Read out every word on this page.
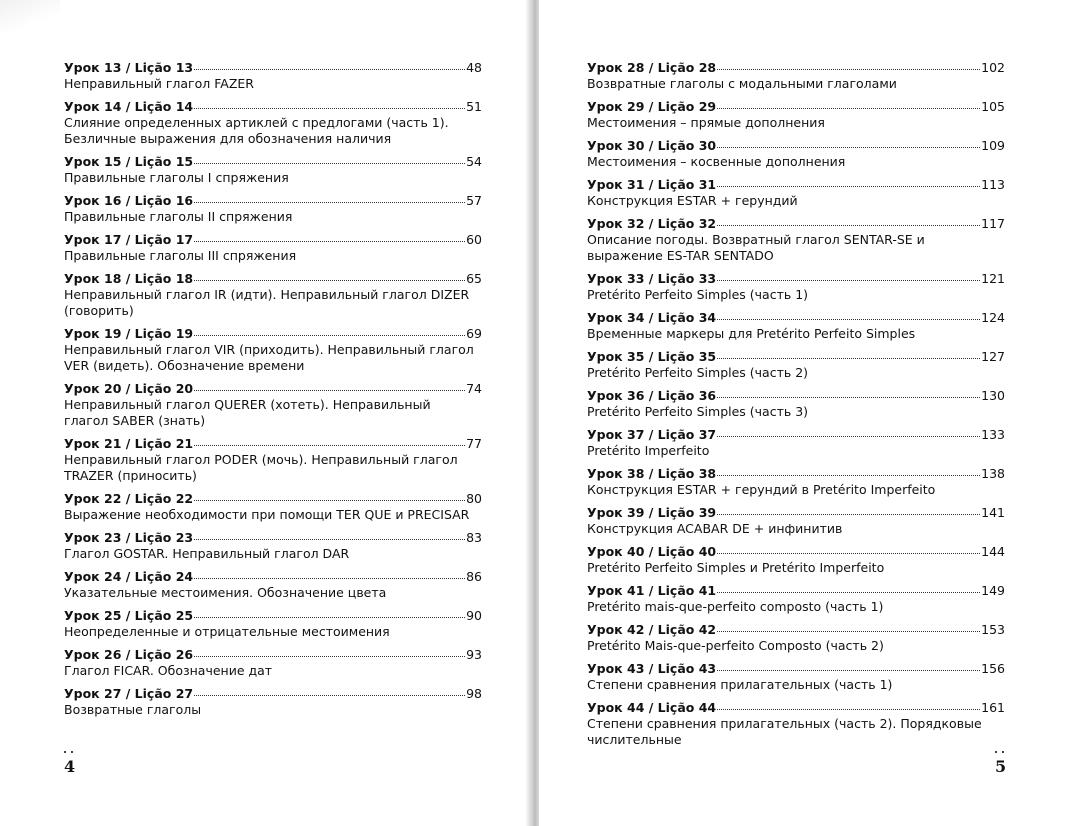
Урок 13 / Lição 13	48
Неправильный глагол FAZER
Урок 14 / Lição 14	51
Слияние определенных артиклей с предлогами (часть 1). Безличные выражения для обозначения наличия
Урок 15 / Lição 15	54
Правильные глаголы I спряжения
Урок 16 / Lição 16	57
Правильные глаголы II спряжения
Урок 17 / Lição 17	60
Правильные глаголы III спряжения
Урок 18 / Lição 18	65
Неправильный глагол IR (идти). Неправильный глагол DIZER (говорить)
Урок 19 / Lição 19	69
Неправильный глагол VIR (приходить). Неправильный глагол VER (видеть). Обозначение времени
Урок 20 / Lição 20	74
Неправильный глагол QUERER (хотеть). Неправильный глагол SABER (знать)
Урок 21 / Lição 21	77
Неправильный глагол PODER (мочь). Неправильный глагол TRAZER (приносить)
Урок 22 / Lição 22	80
Выражение необходимости при помощи TER QUE и PRECISAR
Урок 23 / Lição 23	83
Глагол GOSTAR. Неправильный глагол DAR
Урок 24 / Lição 24	86
Указательные местоимения. Обозначение цвета
Урок 25 / Lição 25	90
Неопределенные и отрицательные местоимения
Урок 26 / Lição 26	93
Глагол FICAR. Обозначение дат
Урок 27 / Lição 27	98
Возвратные глаголы
4
Урок 28 / Lição 28	102
Возвратные глаголы с модальными глаголами
Урок 29 / Lição 29	105
Местоимения – прямые дополнения
Урок 30 / Lição 30	109
Местоимения – косвенные дополнения
Урок 31 / Lição 31	113
Конструкция ESTAR + герундий
Урок 32 / Lição 32	117
Описание погоды. Возвратный глагол SENTAR-SE и выражение ES-TAR SENTADO
Урок 33 / Lição 33	121
Pretérito Perfeito Simples (часть 1)
Урок 34 / Lição 34	124
Временные маркеры для Pretérito Perfeito Simples
Урок 35 / Lição 35	127
Pretérito Perfeito Simples (часть 2)
Урок 36 / Lição 36	130
Pretérito Perfeito Simples (часть 3)
Урок 37 / Lição 37	133
Pretérito Imperfeito
Урок 38 / Lição 38	138
Конструкция ESTAR + герундий в Pretérito Imperfeito
Урок 39 / Lição 39	141
Конструкция ACABAR DE + инфинитив
Урок 40 / Lição 40	144
Pretérito Perfeito Simples и Pretérito Imperfeito
Урок 41 / Lição 41	149
Pretérito mais-que-perfeito composto (часть 1)
Урок 42 / Lição 42	153
Pretérito Mais-que-perfeito Composto (часть 2)
Урок 43 / Lição 43	156
Степени сравнения прилагательных (часть 1)
Урок 44 / Lição 44	161
Степени сравнения прилагательных (часть 2). Порядковые числительные
5
